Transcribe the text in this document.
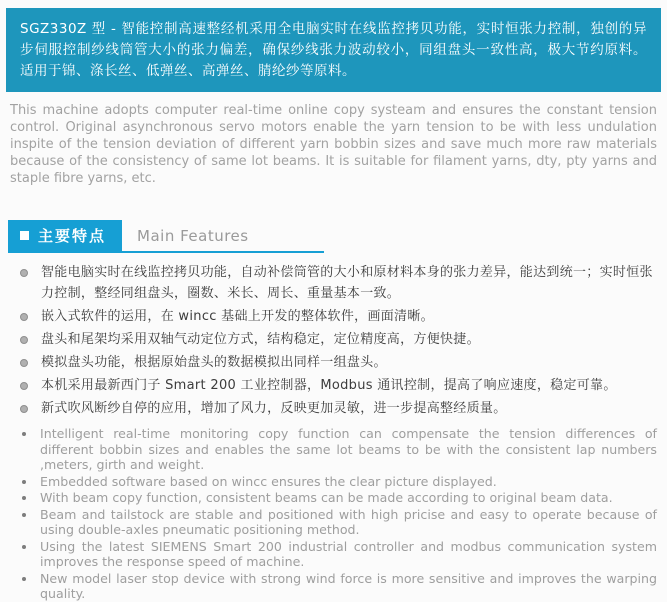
SGZ330Z 型 - 智能控制高速整经机采用全电脑实时在线监控拷贝功能，实时恒张力控制，独创的异步伺服控制纱线筒管大小的张力偏差，确保纱线张力波动较小，同组盘头一致性高，极大节约原料。适用于锦、涤长丝、低弹丝、高弹丝、腈纶纱等原料。
This machine adopts computer real-time online copy systeam and ensures the constant tension control. Original asynchronous servo motors enable the yarn tension to be with less undulation inspite of the tension deviation of different yarn bobbin sizes and save much more raw materials because of the consistency of same lot beams. It is suitable for filament yarns, dty, pty yarns and staple fibre yarns, etc.
主要特点 Main Features
智能电脑实时在线监控拷贝功能，自动补偿筒管的大小和原材料本身的张力差异，能达到统一；实时恒张力控制，整经同组盘头，圈数、米长、周长、重量基本一致。
嵌入式软件的运用，在 wincc 基础上开发的整体软件，画面清晰。
盘头和尾架均采用双轴气动定位方式，结构稳定，定位精度高，方便快捷。
模拟盘头功能，根据原始盘头的数据模拟出同样一组盘头。
本机采用最新西门子 Smart 200 工业控制器，Modbus 通讯控制，提高了响应速度，稳定可靠。
新式吹风断纱自停的应用，增加了风力，反映更加灵敏，进一步提高整经质量。
Intelligent real-time monitoring copy function can compensate the tension differences of different bobbin sizes and enables the same lot beams to be with the consistent lap numbers ,meters, girth and weight.
Embedded software based on wincc ensures the clear picture displayed.
With beam copy function, consistent beams can be made according to original beam data.
Beam and tailstock are stable and positioned with high pricise and easy to operate because of using double-axles pneumatic positioning method.
Using the latest SIEMENS Smart 200 industrial controller and modbus communication system improves the response speed of machine.
New model laser stop device with strong wind force is more sensitive and improves the warping quality.
